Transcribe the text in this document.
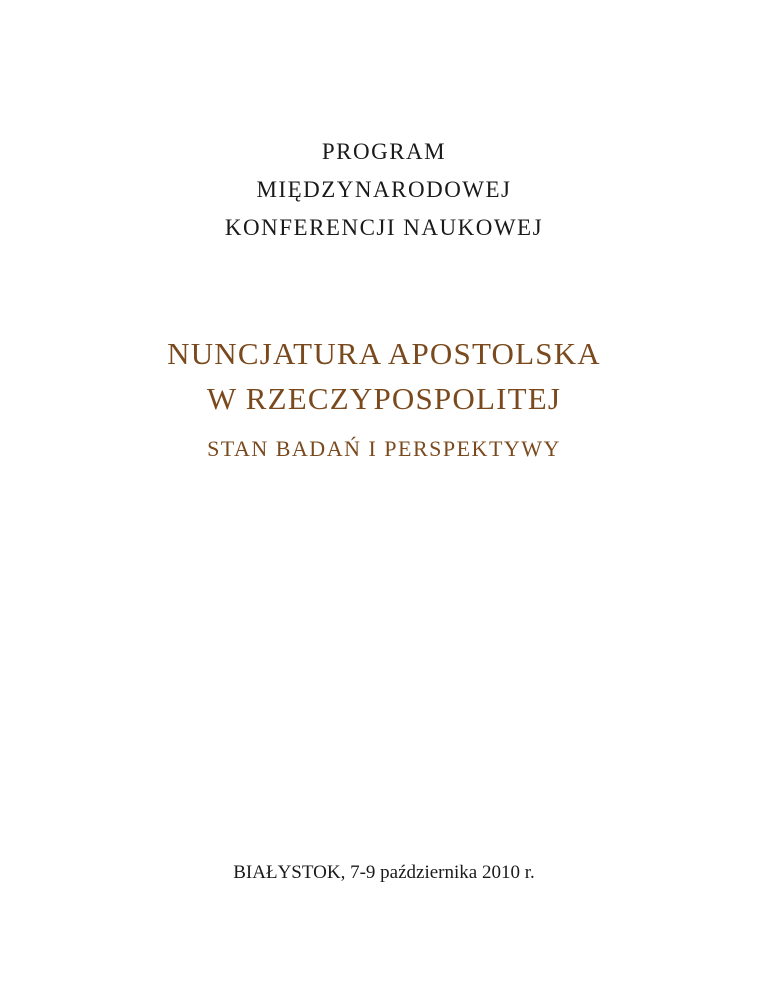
PROGRAM
MIĘDZYNARODOWEJ
KONFERENCJI NAUKOWEJ
NUNCJATURA APOSTOLSKA
W RZECZYPOSPOLITEJ
STAN BADAŃ I PERSPEKTYWY
BIAŁYSTOK, 7-9 października 2010 r.
